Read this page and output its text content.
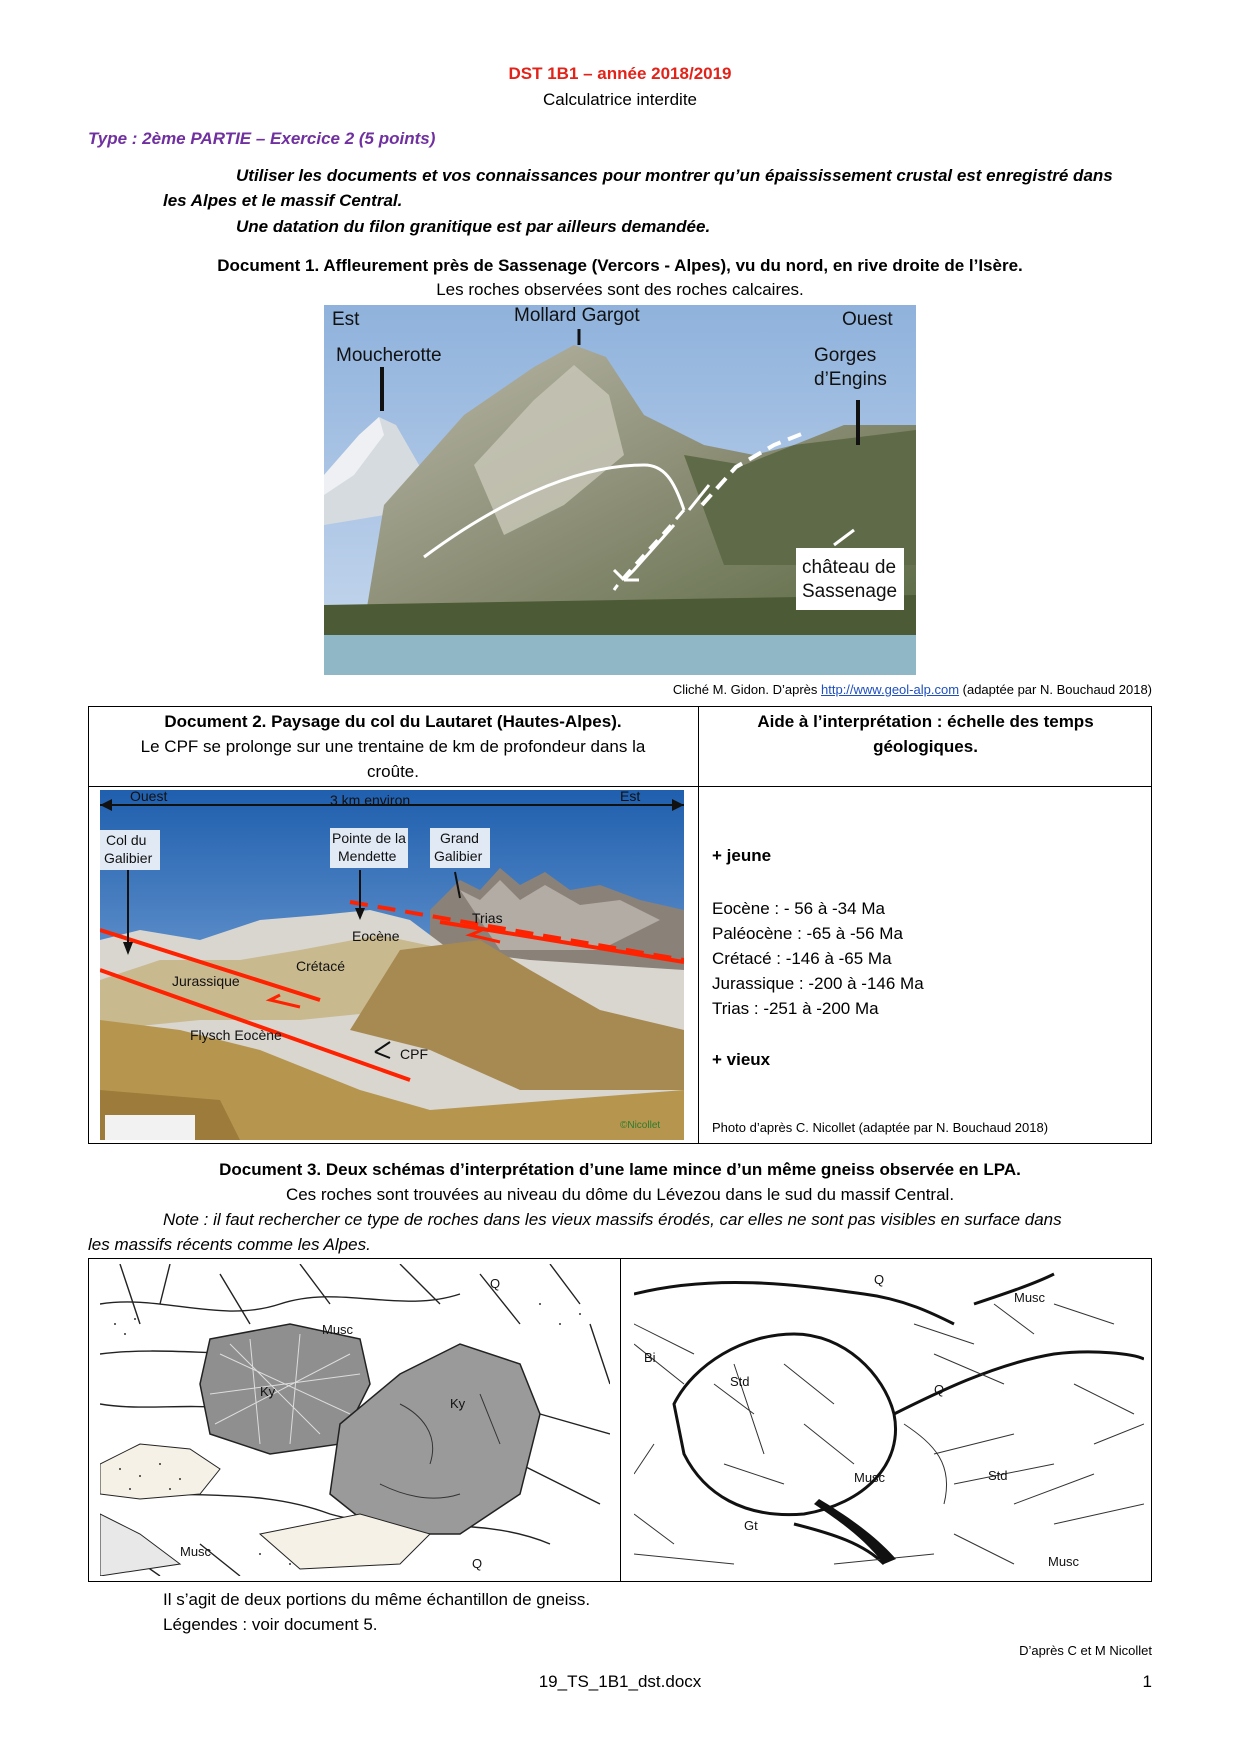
DST 1B1 – année 2018/2019
Calculatrice interdite
Type : 2ème PARTIE – Exercice 2 (5 points)
Utiliser les documents et vos connaissances pour montrer qu’un épaississement crustal est enregistré dans
les Alpes et le massif Central.
Une datation du filon granitique est par ailleurs demandée.
Document 1. Affleurement près de Sassenage (Vercors - Alpes), vu du nord, en rive droite de l’Isère.
Les roches observées sont des roches calcaires.
Est	Mollard Gargot	Ouest
Moucherotte	Gorges
d’Engins
château de
Sassenage
Cliché M. Gidon. D’après http://www.geol-alp.com (adaptée par N. Bouchaud 2018)
Document 2. Paysage du col du Lautaret (Hautes-Alpes).
Le CPF se prolonge sur une trentaine de km de profondeur dans la
croûte.
Aide à l’interprétation : échelle des temps
géologiques.
Ouest	3 km environ	Est
Col du
Galibier
Pointe de la
Mendette
Grand
Galibier
Trias
Eocène
Crétacé
Jurassique
Flysch Eocène
CPF
©Nicollet
+ jeune
Eocène : - 56 à -34 Ma
Paléocène : -65 à -56 Ma
Crétacé : -146 à -65 Ma
Jurassique : -200 à -146 Ma
Trias : -251 à -200 Ma
+ vieux
Photo d’après C. Nicollet (adaptée par N. Bouchaud 2018)
Document 3. Deux schémas d’interprétation d’une lame mince d’un même gneiss observée en LPA.
Ces roches sont trouvées au niveau du dôme du Lévezou dans le sud du massif Central.
Note : il faut rechercher ce type de roches dans les vieux massifs érodés, car elles ne sont pas visibles en surface dans
les massifs récents comme les Alpes.
Q
Musc
Ky
Ky
Musc
Q
Q
Musc
Bi
Std
Q
Musc	Std
Gt
Musc
Il s’agit de deux portions du même échantillon de gneiss.
Légendes : voir document 5.
D’après C et M Nicollet
19_TS_1B1_dst.docx	1
